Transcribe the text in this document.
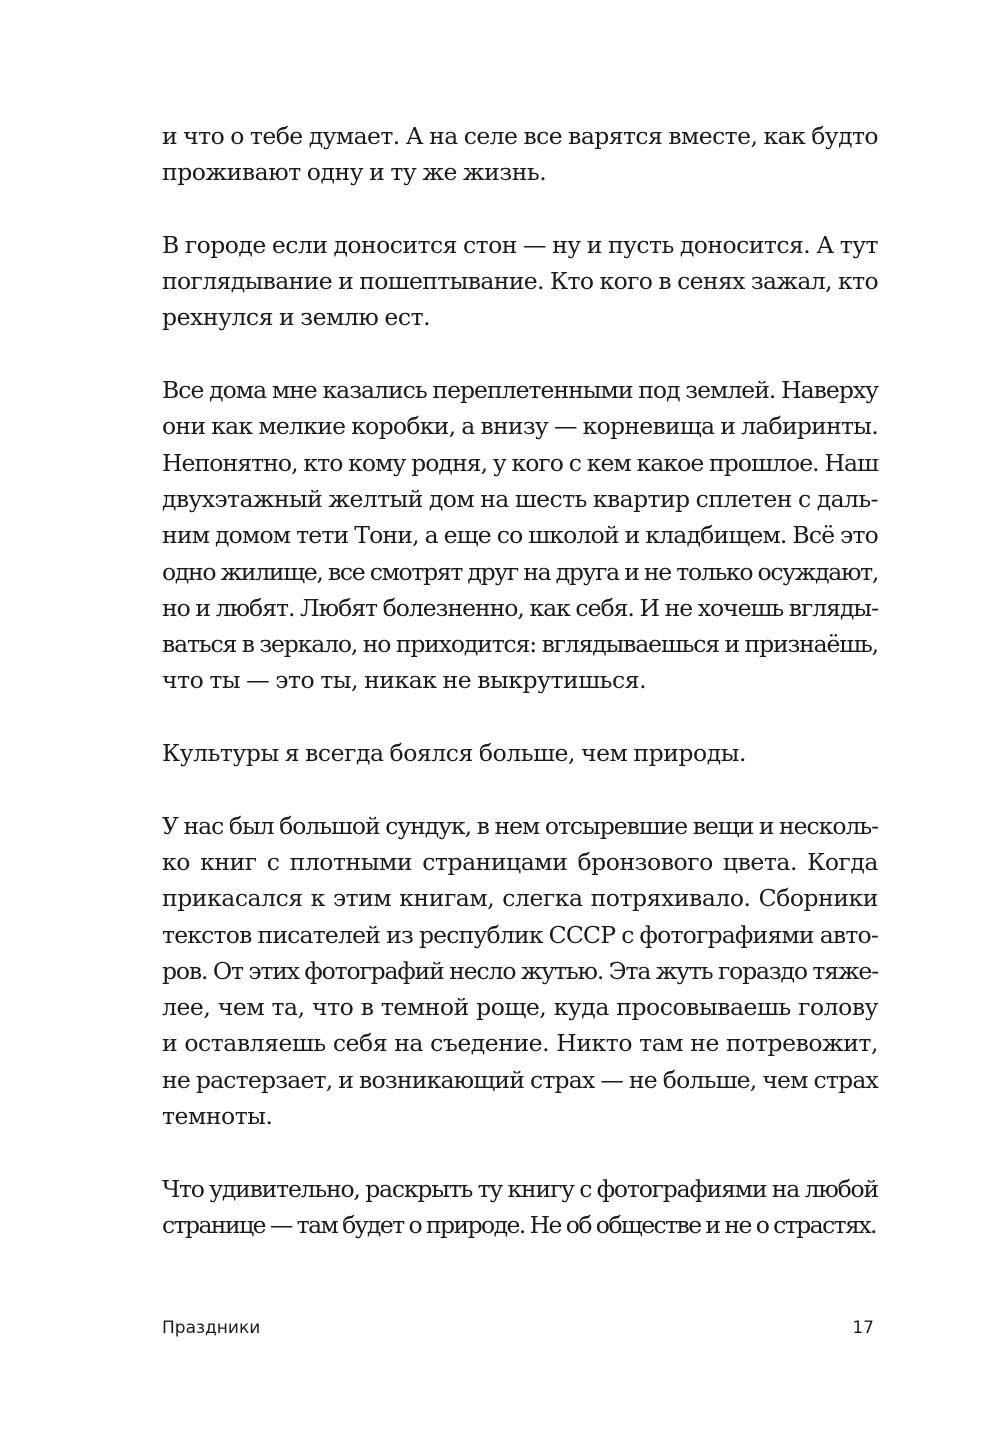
и что о тебе думает. А на селе все варятся вместе, как будто
проживают одну и ту же жизнь.

В городе если доносится стон — ну и пусть доносится. А тут
поглядывание и пошептывание. Кто кого в сенях зажал, кто
рехнулся и землю ест.

Все дома мне казались переплетенными под землей. Наверху
они как мелкие коробки, а внизу — корневища и лабиринты.
Непонятно, кто кому родня, у кого с кем какое прошлое. Наш
двухэтажный желтый дом на шесть квартир сплетен с даль-
ним домом тети Тони, а еще со школой и кладбищем. Всё это
одно жилище, все смотрят друг на друга и не только осуждают,
но и любят. Любят болезненно, как себя. И не хочешь вгляды-
ваться в зеркало, но приходится: вглядываешься и признаёшь,
что ты — это ты, никак не выкрутишься.

Культуры я всегда боялся больше, чем природы.

У нас был большой сундук, в нем отсыревшие вещи и несколь-
ко книг с плотными страницами бронзового цвета. Когда
прикасался к этим книгам, слегка потряхивало. Сборники
текстов писателей из республик СССР с фотографиями авто-
ров. От этих фотографий несло жутью. Эта жуть гораздо тяже-
лее, чем та, что в темной роще, куда просовываешь голову
и оставляешь себя на съедение. Никто там не потревожит,
не растерзает, и возникающий страх — не больше, чем страх
темноты.

Что удивительно, раскрыть ту книгу с фотографиями на любой
странице — там будет о природе. Не об обществе и не о страстях.

Праздники	17
